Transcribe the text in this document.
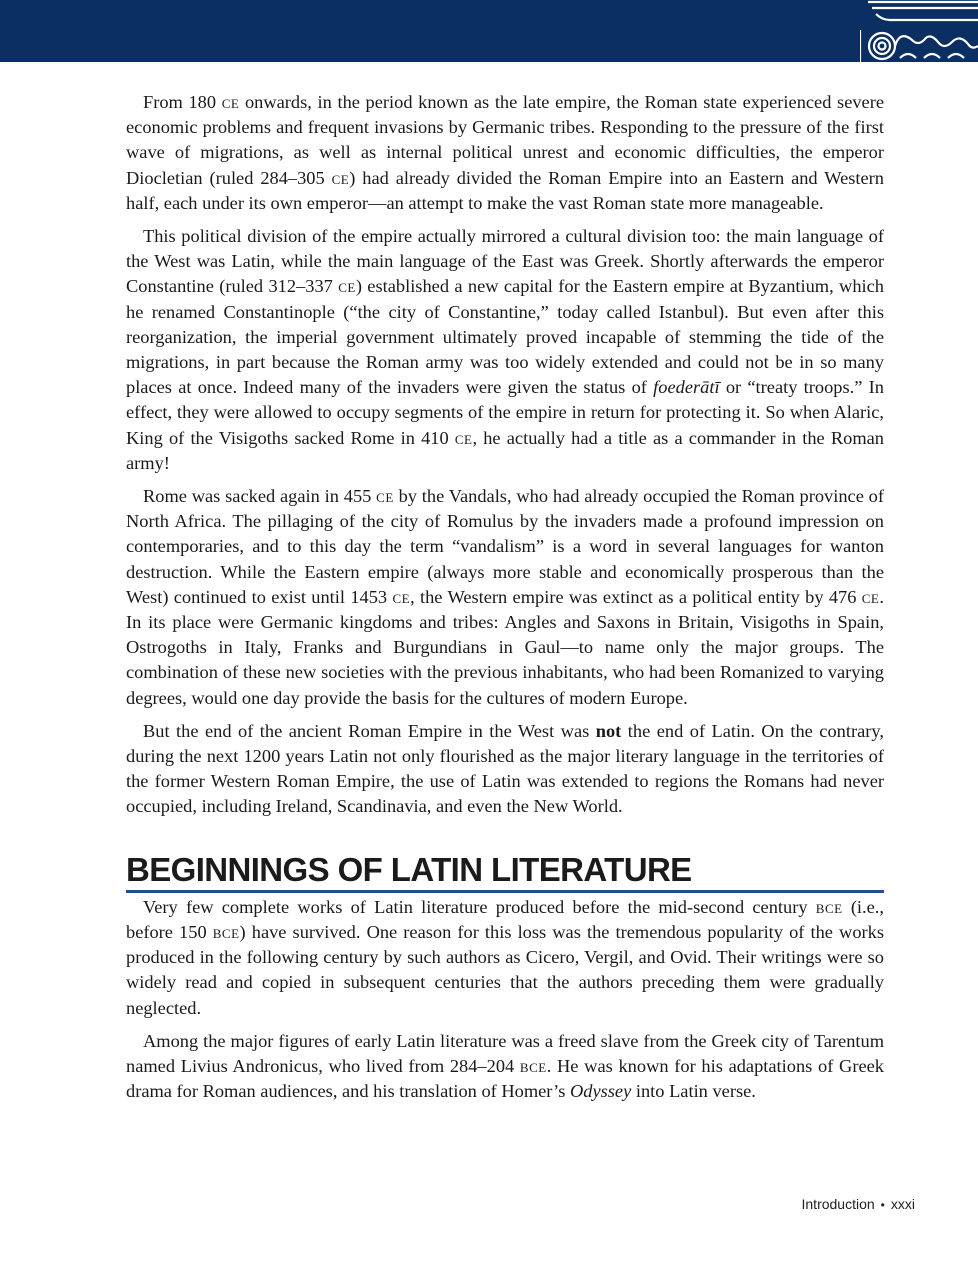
From 180 ce onwards, in the period known as the late empire, the Roman state experienced severe economic problems and frequent invasions by Germanic tribes. Responding to the pressure of the first wave of migrations, as well as internal political unrest and economic difficulties, the emperor Diocletian (ruled 284–305 ce) had already divided the Roman Empire into an Eastern and Western half, each under its own emperor—an attempt to make the vast Roman state more manageable.

This political division of the empire actually mirrored a cultural division too: the main language of the West was Latin, while the main language of the East was Greek. Shortly afterwards the emperor Constantine (ruled 312–337 ce) established a new capital for the Eastern empire at Byzantium, which he renamed Constantinople (“the city of Constantine,” today called Istanbul). But even after this reorganization, the imperial government ultimately proved incapable of stemming the tide of the migrations, in part because the Roman army was too widely extended and could not be in so many places at once. Indeed many of the invaders were given the status of foederātī or “treaty troops.” In effect, they were allowed to occupy segments of the empire in return for protecting it. So when Alaric, King of the Visigoths sacked Rome in 410 ce, he actually had a title as a commander in the Roman army!

Rome was sacked again in 455 ce by the Vandals, who had already occupied the Roman province of North Africa. The pillaging of the city of Romulus by the invaders made a profound impression on contemporaries, and to this day the term “vandalism” is a word in several languages for wanton destruction. While the Eastern empire (always more stable and economically prosperous than the West) continued to exist until 1453 ce, the Western empire was extinct as a political entity by 476 ce. In its place were Germanic kingdoms and tribes: Angles and Saxons in Britain, Visigoths in Spain, Ostrogoths in Italy, Franks and Burgundians in Gaul—to name only the major groups. The combination of these new societies with the previous inhabitants, who had been Romanized to varying degrees, would one day provide the basis for the cultures of modern Europe.

But the end of the ancient Roman Empire in the West was not the end of Latin. On the contrary, during the next 1200 years Latin not only flourished as the major literary language in the territories of the former Western Roman Empire, the use of Latin was extended to regions the Romans had never occupied, including Ireland, Scandinavia, and even the New World.

BEGINNINGS OF LATIN LITERATURE

Very few complete works of Latin literature produced before the mid-second century bce (i.e., before 150 bce) have survived. One reason for this loss was the tremendous popularity of the works produced in the following century by such authors as Cicero, Vergil, and Ovid. Their writings were so widely read and copied in subsequent centuries that the authors preceding them were gradually neglected.

Among the major figures of early Latin literature was a freed slave from the Greek city of Tarentum named Livius Andronicus, who lived from 284–204 bce. He was known for his adaptations of Greek drama for Roman audiences, and his translation of Homer’s Odyssey into Latin verse.

Introduction • xxxi
